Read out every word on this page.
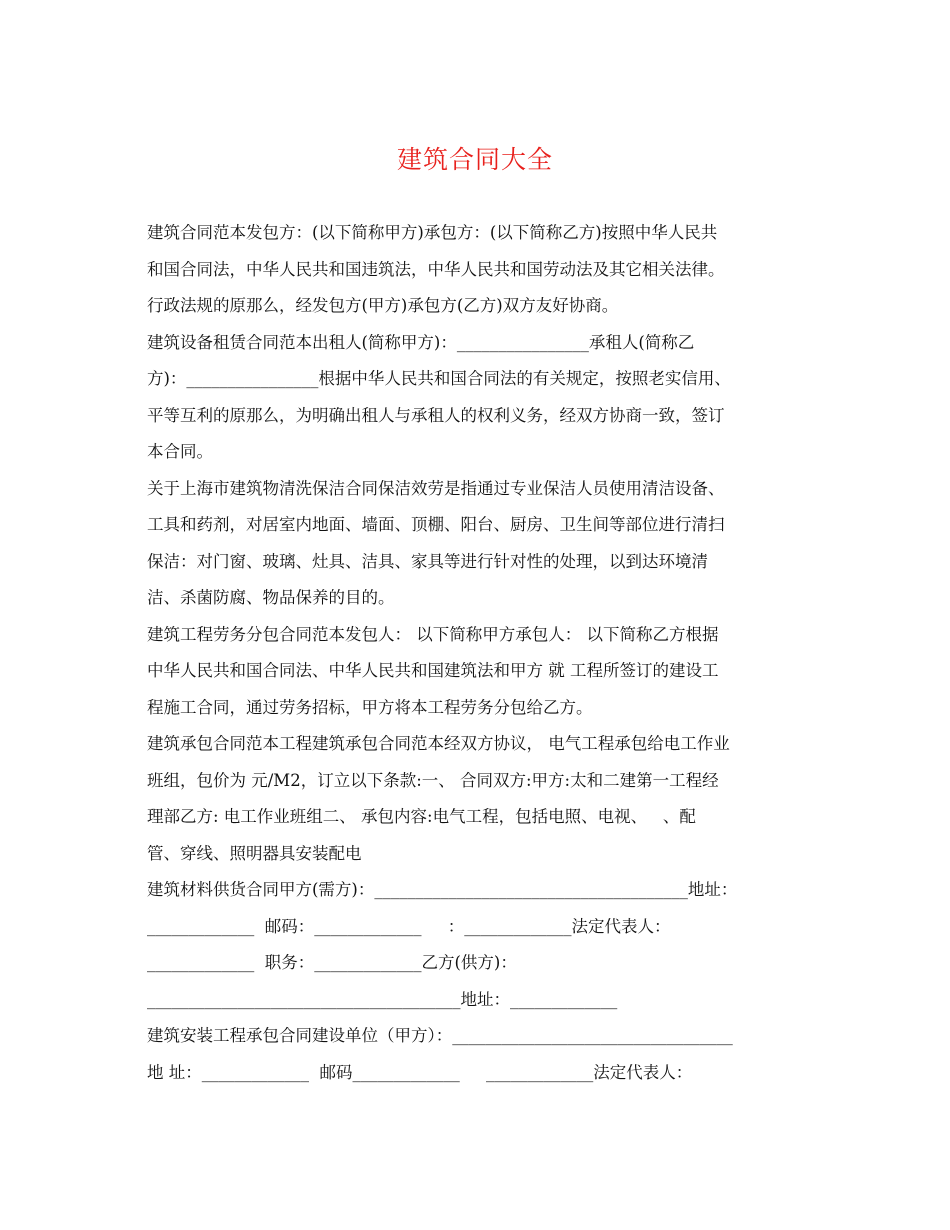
建筑合同大全
建筑合同范本发包方：(以下简称甲方)承包方：(以下简称乙方)按照中华人民共
和国合同法，中华人民共和国违筑法，中华人民共和国劳动法及其它相关法律。
行政法规的原那么，经发包方(甲方)承包方(乙方)双方友好协商。
建筑设备租赁合同范本出租人(简称甲方)：________________承租人(简称乙
方)：________________根据中华人民共和国合同法的有关规定，按照老实信用、
平等互利的原那么，为明确出租人与承租人的权利义务，经双方协商一致，签订
本合同。
关于上海市建筑物清洗保洁合同保洁效劳是指通过专业保洁人员使用清洁设备、
工具和药剂，对居室内地面、墙面、顶棚、阳台、厨房、卫生间等部位进行清扫
保洁：对门窗、玻璃、灶具、洁具、家具等进行针对性的处理，以到达环境清
洁、杀菌防腐、物品保养的目的。
建筑工程劳务分包合同范本发包人： 以下简称甲方承包人： 以下简称乙方根据
中华人民共和国合同法、中华人民共和国建筑法和甲方 就 工程所签订的建设工
程施工合同，通过劳务招标，甲方将本工程劳务分包给乙方。
建筑承包合同范本工程建筑承包合同范本经双方协议， 电气工程承包给电工作业
班组，包价为 元/M2，订立以下条款:一、 合同双方:甲方:太和二建第一工程经
理部乙方: 电工作业班组二、 承包内容:电气工程，包括电照、电视、   、配
管、穿线、照明器具安装配电
建筑材料供货合同甲方(需方)：______________________________________地址：
_____________  邮码：_____________     ：_____________法定代表人：
_____________  职务：_____________乙方(供方)：
______________________________________地址：_____________
建筑安装工程承包合同建设单位（甲方）：__________________________________
地 址：_____________  邮码_____________     _____________法定代表人：
